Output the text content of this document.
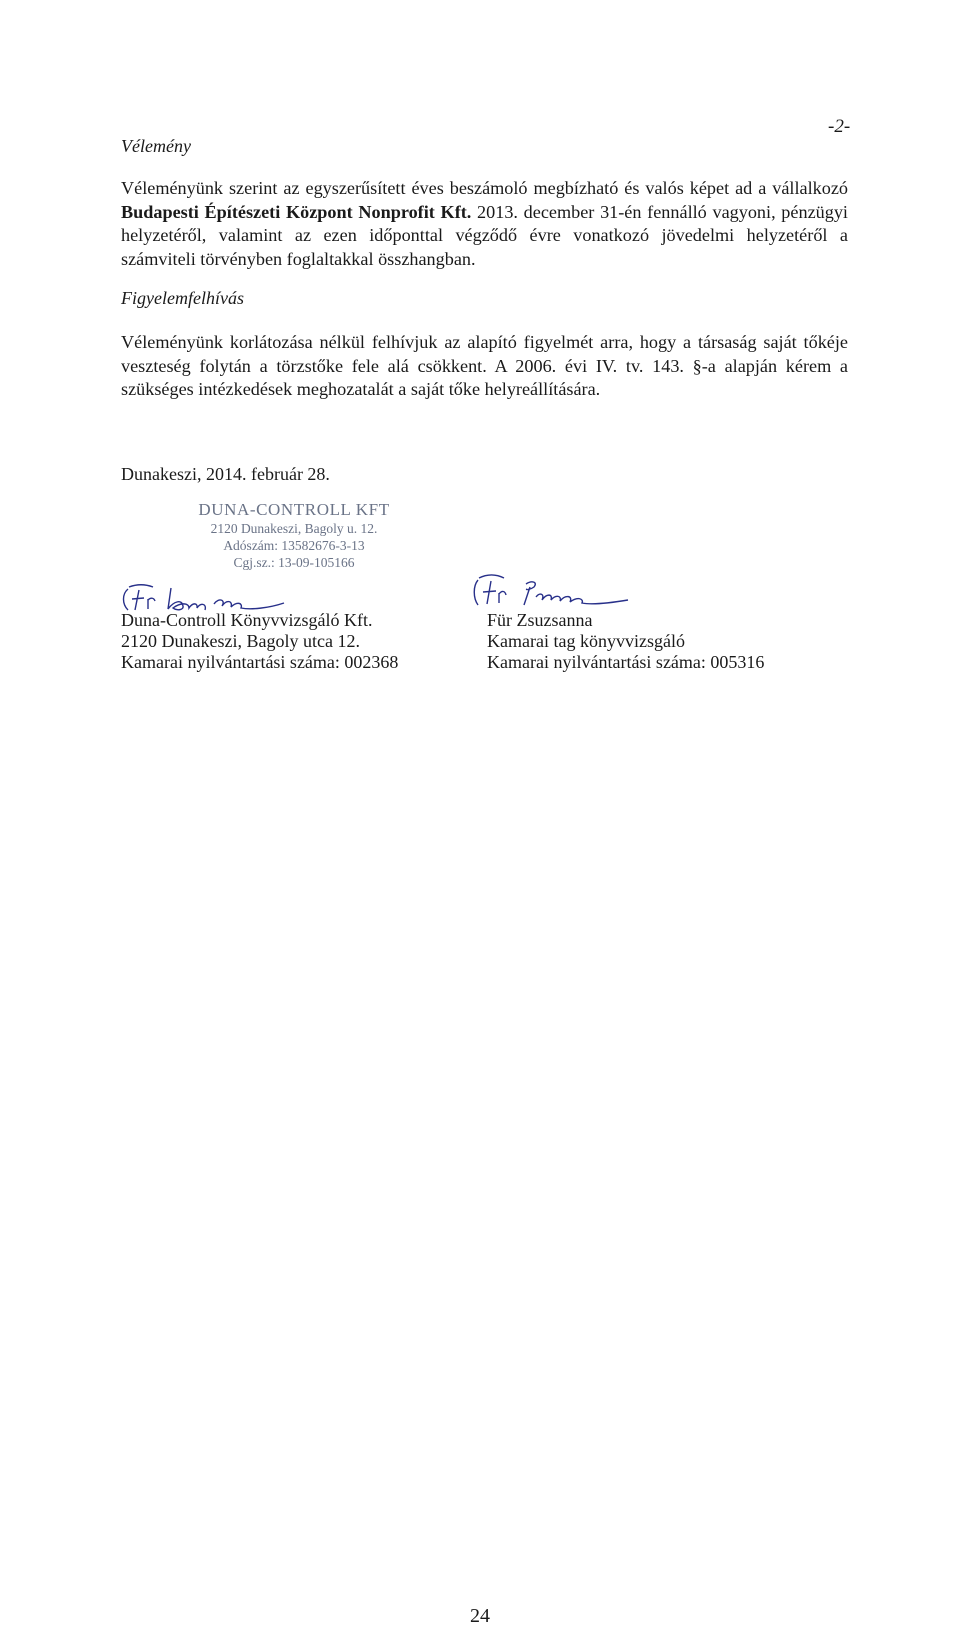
-2-
Vélemény
Véleményünk szerint az egyszerűsített éves beszámoló megbízható és valós képet ad a vállalkozó Budapesti Építészeti Központ Nonprofit Kft. 2013. december 31-én fennálló vagyoni, pénzügyi helyzetéről, valamint az ezen időponttal végződő évre vonatkozó jövedelmi helyzetéről a számviteli törvényben foglaltakkal összhangban.
Figyelemfelhívás
Véleményünk korlátozása nélkül felhívjuk az alapító figyelmét arra, hogy a társaság saját tőkéje veszteség folytán a törzstőke fele alá csökkent. A 2006. évi IV. tv. 143. §-a alapján kérem a szükséges intézkedések meghozatalát a saját tőke helyreállítására.
Dunakeszi, 2014. február 28.
DUNA-CONTROLL KFT
2120 Dunakeszi, Bagoly u. 12.
Adószám: 13582676-3-13
Cgj.sz.: 13-09-105166
Duna-Controll Könyvvizsgáló Kft.
2120 Dunakeszi, Bagoly utca 12.
Kamarai nyilvántartási száma: 002368
Für Zsuzsanna
Kamarai tag könyvvizsgáló
Kamarai nyilvántartási száma: 005316
24
